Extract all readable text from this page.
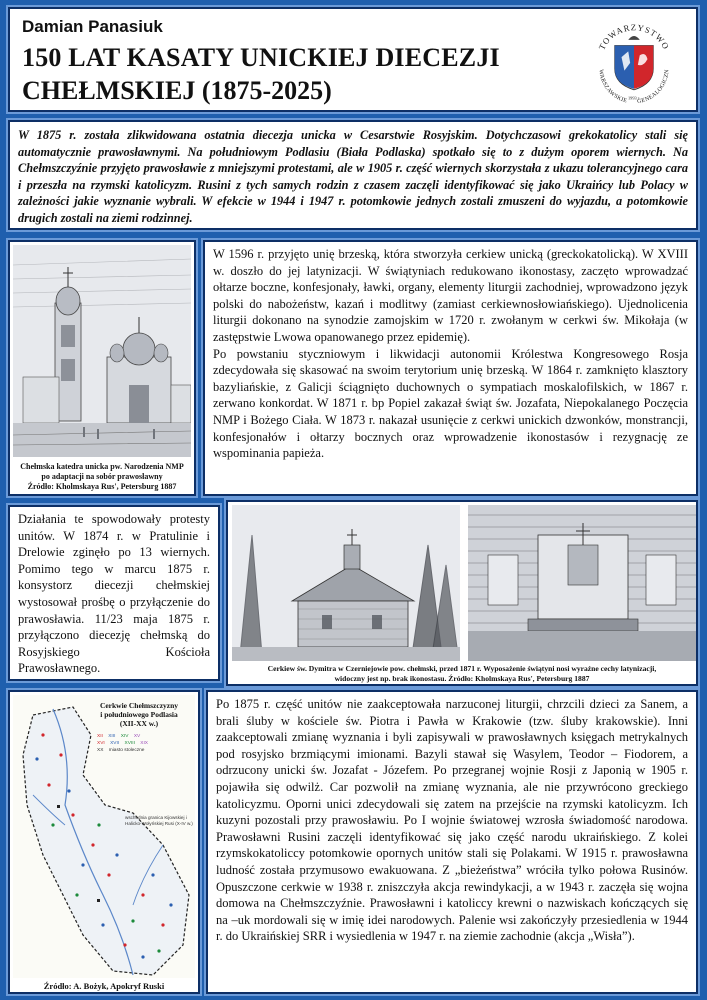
Damian Panasiuk
150 LAT KASATY UNICKIEJ DIECEZJI
CHEŁMSKIEJ (1875-2025)
TOWARZYSTWO
WARSZAWSKIE	GENEALOGICZN
1993 r.

W 1875 r. została zlikwidowana ostatnia diecezja unicka w Cesarstwie Rosyjskim. Dotychczasowi grekokatolicy stali się automatycznie prawosławnymi. Na południowym Podlasiu (Biała Podlaska) spotkało się to z dużym oporem wiernych. Na Chełmszczyźnie przyjęto prawosławie z mniejszymi protestami, ale w 1905 r. część wiernych skorzystała z ukazu tolerancyjnego cara i przeszła na rzymski katolicyzm. Rusini z tych samych rodzin z czasem zaczęli identyfikować się jako Ukraińcy lub Polacy w zależności jakie wyznanie wybrali. W efekcie w 1944 i 1947 r. potomkowie jednych zostali zmuszeni do wyjazdu, a potomkowie drugich zostali na ziemi rodzinnej.

Chełmska katedra unicka pw. Narodzenia NMP
po adaptacji na sobór prawosławny
Źródło: Kholmskaya Rus', Petersburg 1887

W 1596 r. przyjęto unię brzeską, która stworzyła cerkiew unicką (greckokatolicką). W XVIII w. doszło do jej latynizacji. W świątyniach redukowano ikonostasy, zaczęto wprowadzać ołtarze boczne, konfesjonały, ławki, organy, elementy liturgii zachodniej, wprowadzono język polski do nabożeństw, kazań i modlitwy (zamiast cerkiewnosłowiańskiego). Ujednolicenia liturgii dokonano na synodzie zamojskim w 1720 r. zwołanym w cerkwi św. Mikołaja (w zastępstwie Lwowa opanowanego przez epidemię).

Po powstaniu styczniowym i likwidacji autonomii Królestwa Kongresowego Rosja zdecydowała się skasować na swoim terytorium unię brzeską. W 1864 r. zamknięto klasztory bazyliańskie, z Galicji ściągnięto duchownych o sympatiach moskalofilskich, w 1867 r. zerwano konkordat. W 1871 r. bp Popiel zakazał świąt św. Jozafata, Niepokalanego Poczęcia NMP i Bożego Ciała. W 1873 r. nakazał usunięcie z cerkwi unickich dzwonków, monstrancji, konfesjonałów i ołtarzy bocznych oraz wprowadzenie ikonostasów i rezygnację ze wspominania papieża.

Działania te spowodowały protesty unitów. W 1874 r. w Pratulinie i Drelowie zginęło po 13 wiernych. Pomimo tego w marcu 1875 r. konsystorz diecezji chełmskiej wystosował prośbę o przyłączenie do prawosławia. 11/23 maja 1875 r. przyłączono diecezję chełmską do Rosyjskiego Kościoła Prawosławnego.	Cerkiew św. Dymitra w Czerniejowie pow. chełmski, przed 1871 r. Wyposażenie świątyni nosi wyraźne cechy latynizacji,
widoczny jest np. brak ikonostasu. Źródło: Kholmskaya Rus', Petersburg 1887
Cerkwie Chełmszczyzny
i południowego Podlasia
(XII-XX w.)
XII XIII XIV XV
XVI XVII XVIII XIX
XX miasto stoleczne
wschodnia granica Kijowskiej i Halicko-Wołyńskiej Rusi (X-IV w.)
Źródło: A. Bożyk, Apokryf Ruski

Po 1875 r. część unitów nie zaakceptowała narzuconej liturgii, chrzcili dzieci za Sanem, a brali śluby w kościele św. Piotra i Pawła w Krakowie (tzw. śluby krakowskie). Inni zaakceptowali zmianę wyznania i byli zapisywali w prawosławnych księgach metrykalnych pod rosyjsko brzmiącymi imionami. Bazyli stawał się Wasylem, Teodor – Fiodorem, a odrzucony unicki św. Jozafat - Józefem. Po przegranej wojnie Rosji z Japonią w 1905 r. pojawiła się odwilż. Car pozwolił na zmianę wyznania, ale nie przywrócono greckiego katolicyzmu. Oporni unici zdecydowali się zatem na przejście na rzymski katolicyzm. Ich kuzyni pozostali przy prawosławiu. Po I wojnie światowej wzrosła świadomość narodowa. Prawosławni Rusini zaczęli identyfikować się jako część narodu ukraińskiego. Z kolei rzymskokatoliccy potomkowie opornych unitów stali się Polakami. W 1915 r. prawosławna ludność została przymusowo ewakuowana. Z „bieżeństwa” wróciła tylko połowa Rusinów. Opuszczone cerkwie w 1938 r. zniszczyła akcja rewindykacji, a w 1943 r. zaczęła się wojna domowa na Chełmszczyźnie. Prawosławni i katoliccy krewni o nazwiskach kończących się na –uk mordowali się w imię idei narodowych. Palenie wsi zakończyły przesiedlenia w 1944 r. do Ukraińskiej SRR i wysiedlenia w 1947 r. na ziemie zachodnie (akcja „Wisła”).
